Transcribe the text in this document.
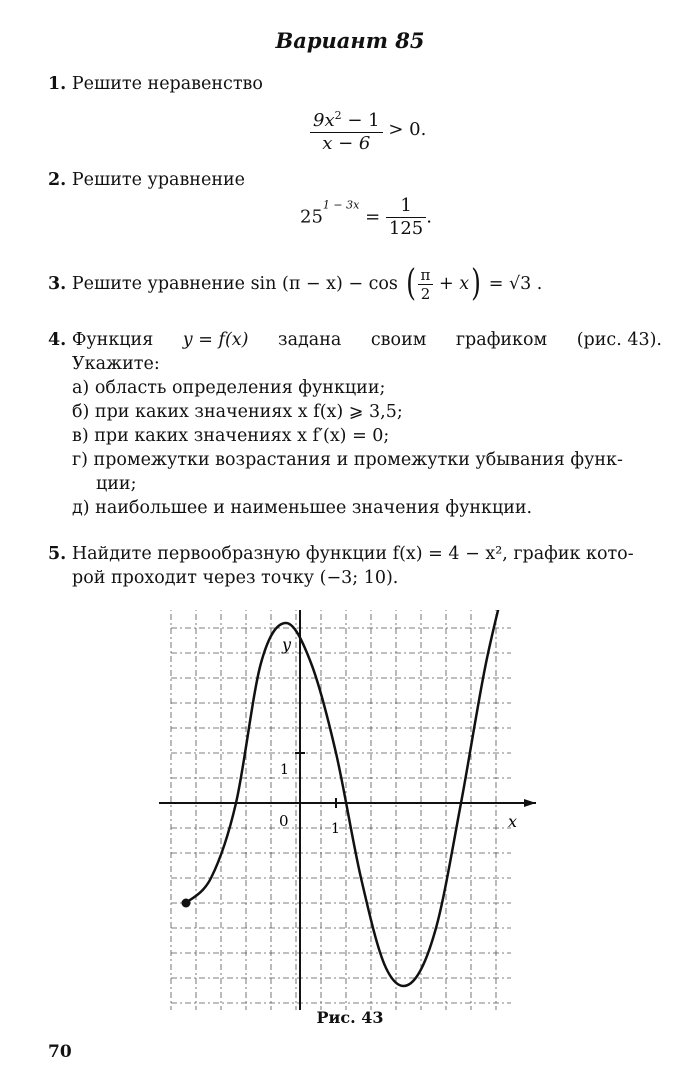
Вариант 85
1. Решите неравенство
$\frac{9x^2 - 1}{x - 6} > 0$.
2. Решите уравнение
$25^{1 - 3x} = \frac{1}{125}$ .
3.
Решите уравнение sin (π − x) − cos
( $\frac{\pi}{2}$
+ x )
= √3 .
4. Функция y = f(x) задана своим графиком (рис. 43).
Укажите:
а) область определения функции;
б) при каких значениях x f(x) ⩾ 3,5;
в) при каких значениях x f′(x) = 0;
г) промежутки возрастания и промежутки убывания функ-
ции;
д) наибольшее и наименьшее значения функции.
5. Найдите первообразную функции f(x) = 4 − x², график кото-
рой проходит через точку (−3; 10).
x
y
0	1
1
Рис. 43
70
